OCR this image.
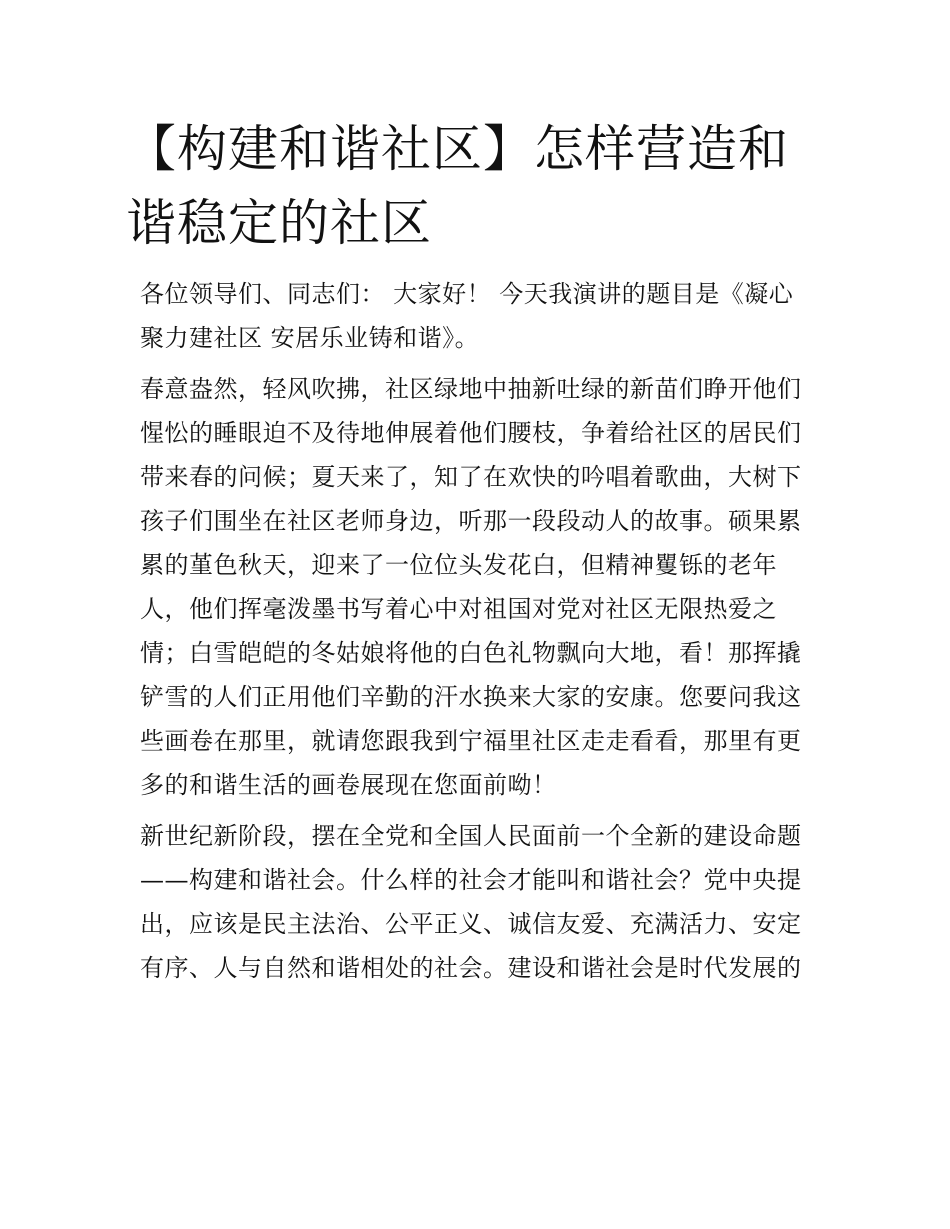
【构建和谐社区】怎样营造和
谐稳定的社区
各位领导们、同志们： 大家好！ 今天我演讲的题目是《凝心
聚力建社区 安居乐业铸和谐》。
春意盎然，轻风吹拂，社区绿地中抽新吐绿的新苗们睁开他们
惺忪的睡眼迫不及待地伸展着他们腰枝，争着给社区的居民们
带来春的问候；夏天来了，知了在欢快的吟唱着歌曲，大树下
孩子们围坐在社区老师身边，听那一段段动人的故事。硕果累
累的堇色秋天，迎来了一位位头发花白，但精神矍铄的老年
人，他们挥毫泼墨书写着心中对祖国对党对社区无限热爱之
情；白雪皑皑的冬姑娘将他的白色礼物飘向大地，看！那挥撬
铲雪的人们正用他们辛勤的汗水换来大家的安康。您要问我这
些画卷在那里，就请您跟我到宁福里社区走走看看，那里有更
多的和谐生活的画卷展现在您面前呦！
新世纪新阶段，摆在全党和全国人民面前一个全新的建设命题
——构建和谐社会。什么样的社会才能叫和谐社会？党中央提
出，应该是民主法治、公平正义、诚信友爱、充满活力、安定
有序、人与自然和谐相处的社会。建设和谐社会是时代发展的
